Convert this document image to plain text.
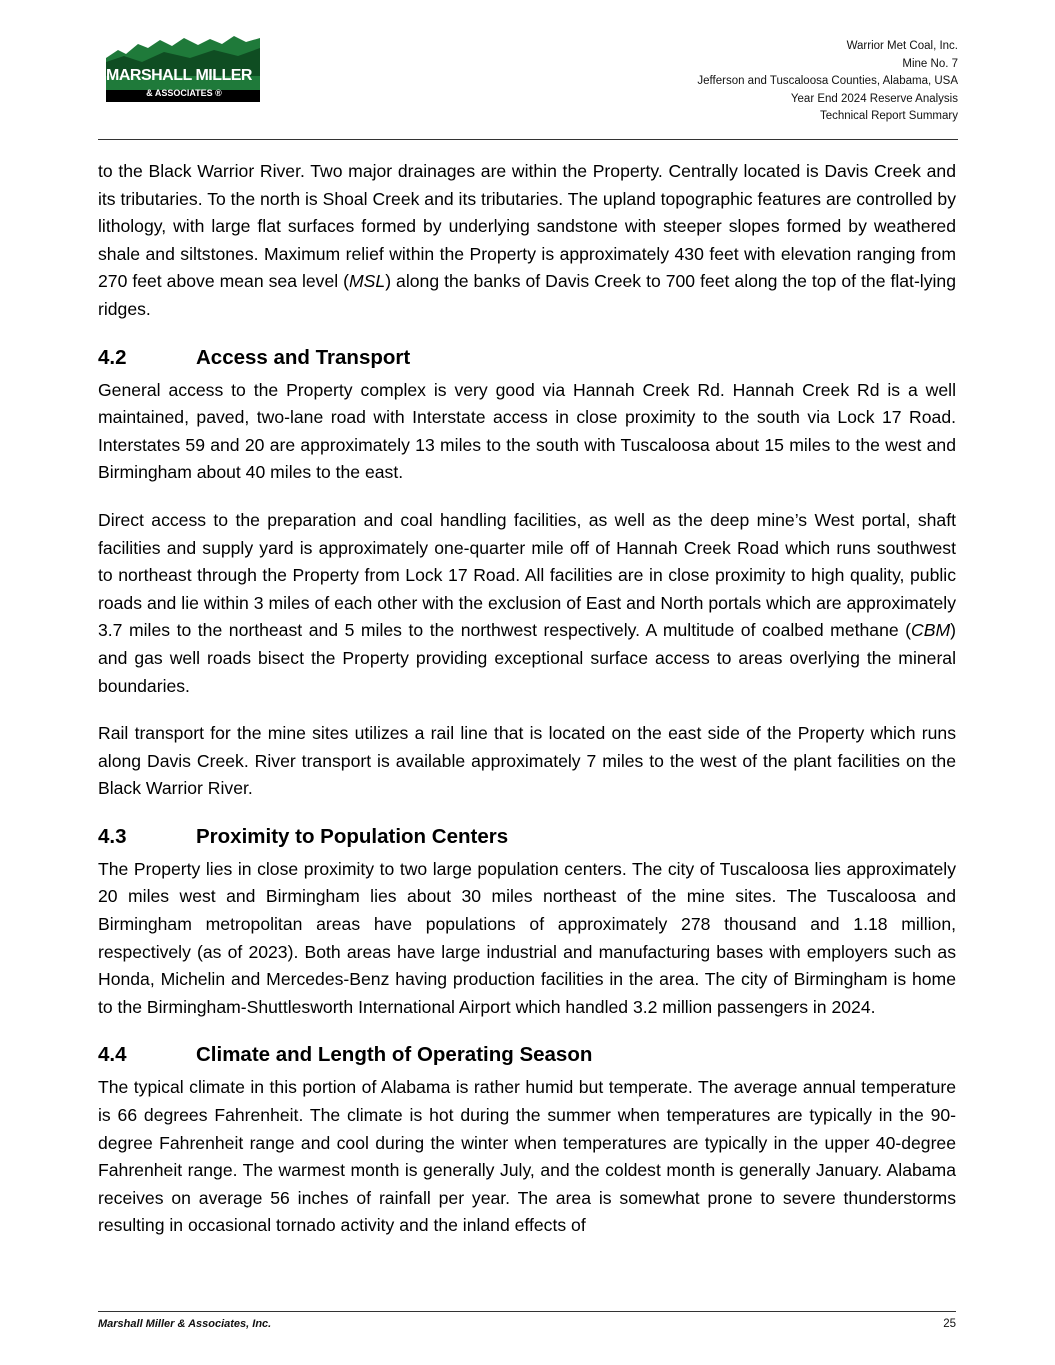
MARSHALL MILLER
& ASSOCIATES ®
Warrior Met Coal, Inc.
Mine No. 7
Jefferson and Tuscaloosa Counties, Alabama, USA
Year End 2024 Reserve Analysis
Technical Report Summary

to the Black Warrior River. Two major drainages are within the Property. Centrally located is Davis Creek and its tributaries. To the north is Shoal Creek and its tributaries. The upland topographic features are controlled by lithology, with large flat surfaces formed by underlying sandstone with steeper slopes formed by weathered shale and siltstones. Maximum relief within the Property is approximately 430 feet with elevation ranging from 270 feet above mean sea level (MSL) along the banks of Davis Creek to 700 feet along the top of the flat-lying ridges.

4.2	Access and Transport

General access to the Property complex is very good via Hannah Creek Rd. Hannah Creek Rd is a well maintained, paved, two-lane road with Interstate access in close proximity to the south via Lock 17 Road. Interstates 59 and 20 are approximately 13 miles to the south with Tuscaloosa about 15 miles to the west and Birmingham about 40 miles to the east.

Direct access to the preparation and coal handling facilities, as well as the deep mine’s West portal, shaft facilities and supply yard is approximately one-quarter mile off of Hannah Creek Road which runs southwest to northeast through the Property from Lock 17 Road. All facilities are in close proximity to high quality, public roads and lie within 3 miles of each other with the exclusion of East and North portals which are approximately 3.7 miles to the northeast and 5 miles to the northwest respectively. A multitude of coalbed methane (CBM) and gas well roads bisect the Property providing exceptional surface access to areas overlying the mineral boundaries.

Rail transport for the mine sites utilizes a rail line that is located on the east side of the Property which runs along Davis Creek. River transport is available approximately 7 miles to the west of the plant facilities on the Black Warrior River.

4.3	Proximity to Population Centers

The Property lies in close proximity to two large population centers. The city of Tuscaloosa lies approximately 20 miles west and Birmingham lies about 30 miles northeast of the mine sites. The Tuscaloosa and Birmingham metropolitan areas have populations of approximately 278 thousand and 1.18 million, respectively (as of 2023). Both areas have large industrial and manufacturing bases with employers such as Honda, Michelin and Mercedes-Benz having production facilities in the area. The city of Birmingham is home to the Birmingham-Shuttlesworth International Airport which handled 3.2 million passengers in 2024.

4.4	Climate and Length of Operating Season

The typical climate in this portion of Alabama is rather humid but temperate. The average annual temperature is 66 degrees Fahrenheit. The climate is hot during the summer when temperatures are typically in the 90-degree Fahrenheit range and cool during the winter when temperatures are typically in the upper 40-degree Fahrenheit range. The warmest month is generally July, and the coldest month is generally January. Alabama receives on average 56 inches of rainfall per year. The area is somewhat prone to severe thunderstorms resulting in occasional tornado activity and the inland effects of

Marshall Miller & Associates, Inc.	25
